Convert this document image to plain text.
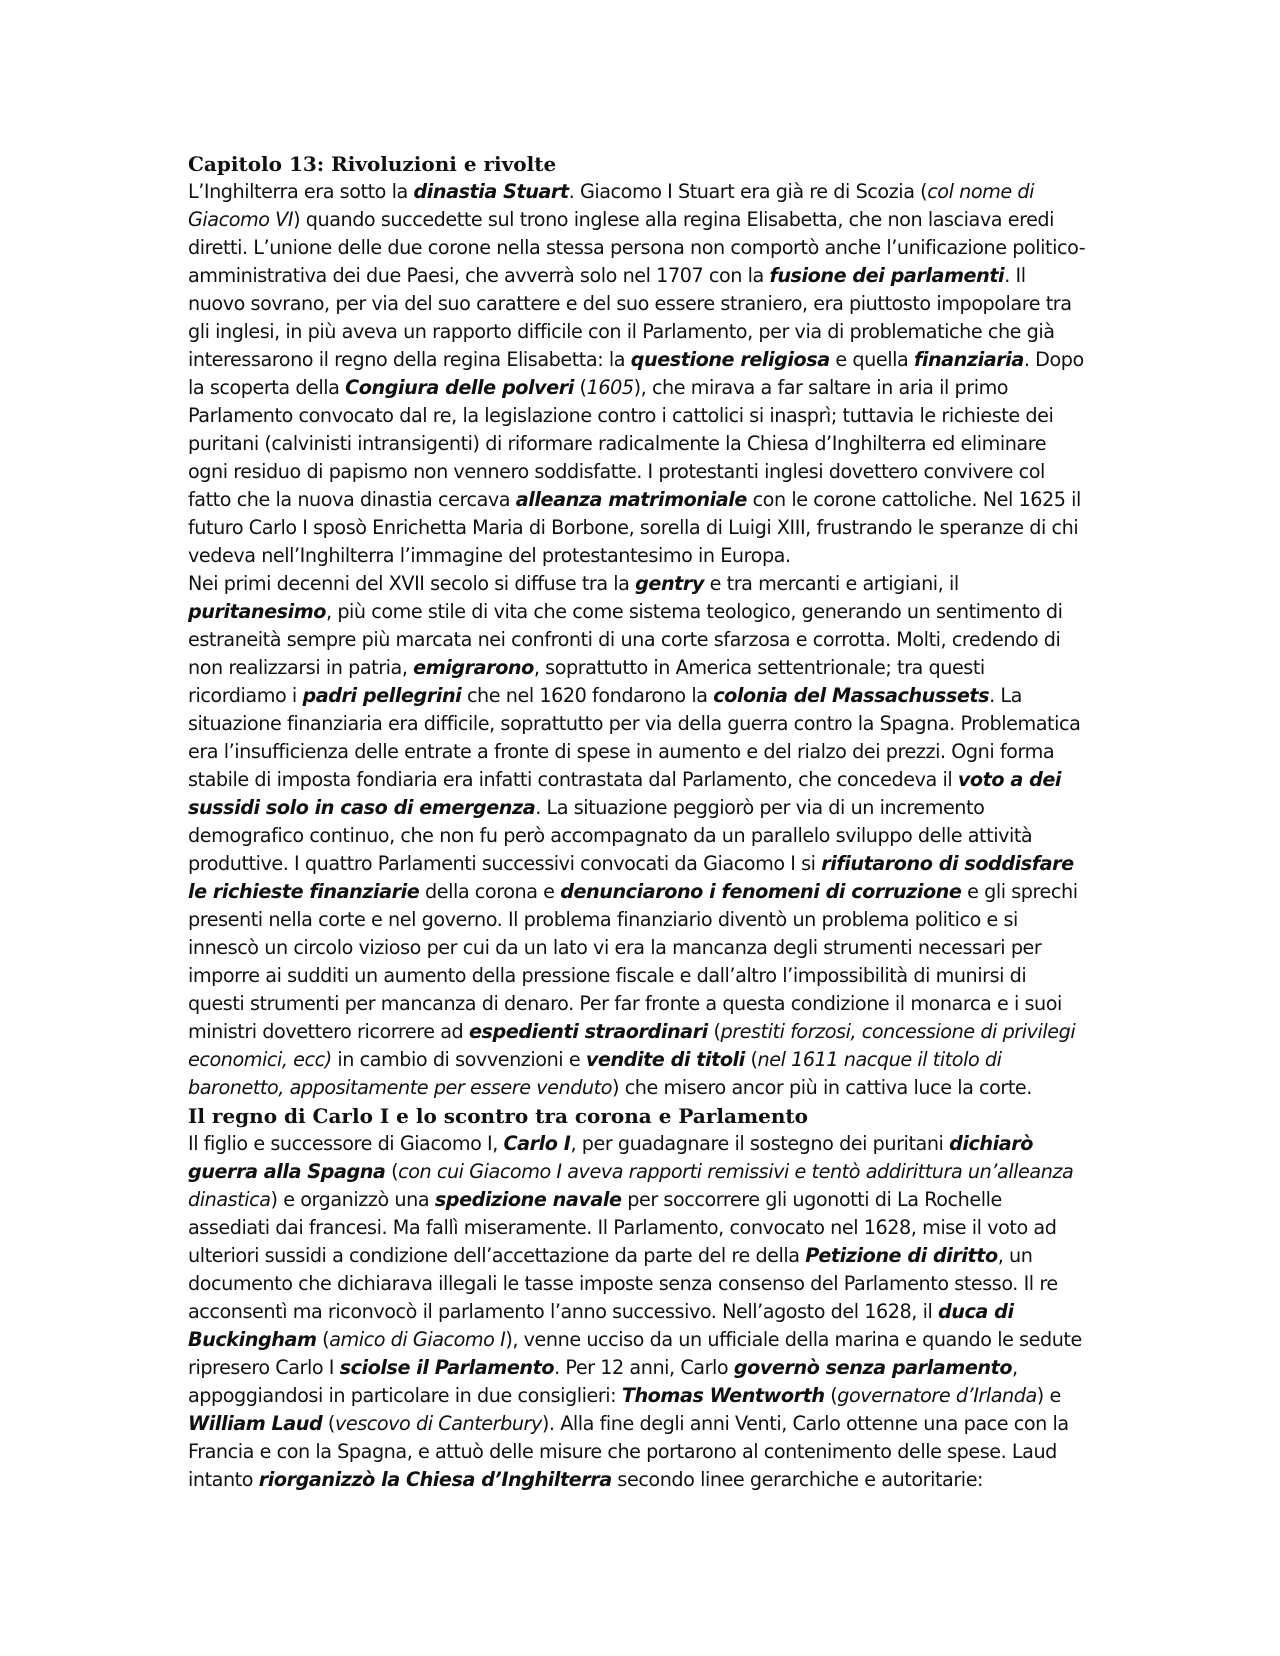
Capitolo 13: Rivoluzioni e rivolte

L’Inghilterra era sotto la dinastia Stuart. Giacomo I Stuart era già re di Scozia (col nome di Giacomo VI) quando succedette sul trono inglese alla regina Elisabetta, che non lasciava eredi diretti. L’unione delle due corone nella stessa persona non comportò anche l’unificazione politico-amministrativa dei due Paesi, che avverrà solo nel 1707 con la fusione dei parlamenti. Il nuovo sovrano, per via del suo carattere e del suo essere straniero, era piuttosto impopolare tra gli inglesi, in più aveva un rapporto difficile con il Parlamento, per via di problematiche che già interessarono il regno della regina Elisabetta: la questione religiosa e quella finanziaria. Dopo la scoperta della Congiura delle polveri (1605), che mirava a far saltare in aria il primo Parlamento convocato dal re, la legislazione contro i cattolici si inasprì; tuttavia le richieste dei puritani (calvinisti intransigenti) di riformare radicalmente la Chiesa d’Inghilterra ed eliminare ogni residuo di papismo non vennero soddisfatte. I protestanti inglesi dovettero convivere col fatto che la nuova dinastia cercava alleanza matrimoniale con le corone cattoliche. Nel 1625 il futuro Carlo I sposò Enrichetta Maria di Borbone, sorella di Luigi XIII, frustrando le speranze di chi vedeva nell’Inghilterra l’immagine del protestantesimo in Europa.

Nei primi decenni del XVII secolo si diffuse tra la gentry e tra mercanti e artigiani, il puritanesimo, più come stile di vita che come sistema teologico, generando un sentimento di estraneità sempre più marcata nei confronti di una corte sfarzosa e corrotta. Molti, credendo di non realizzarsi in patria, emigrarono, soprattutto in America settentrionale; tra questi ricordiamo i padri pellegrini che nel 1620 fondarono la colonia del Massachussets. La situazione finanziaria era difficile, soprattutto per via della guerra contro la Spagna. Problematica era l’insufficienza delle entrate a fronte di spese in aumento e del rialzo dei prezzi. Ogni forma stabile di imposta fondiaria era infatti contrastata dal Parlamento, che concedeva il voto a dei sussidi solo in caso di emergenza. La situazione peggiorò per via di un incremento demografico continuo, che non fu però accompagnato da un parallelo sviluppo delle attività produttive. I quattro Parlamenti successivi convocati da Giacomo I si rifiutarono di soddisfare le richieste finanziarie della corona e denunciarono i fenomeni di corruzione e gli sprechi presenti nella corte e nel governo. Il problema finanziario diventò un problema politico e si innescò un circolo vizioso per cui da un lato vi era la mancanza degli strumenti necessari per imporre ai sudditi un aumento della pressione fiscale e dall’altro l’impossibilità di munirsi di questi strumenti per mancanza di denaro. Per far fronte a questa condizione il monarca e i suoi ministri dovettero ricorrere ad espedienti straordinari (prestiti forzosi, concessione di privilegi economici, ecc) in cambio di sovvenzioni e vendite di titoli (nel 1611 nacque il titolo di baronetto, appositamente per essere venduto) che misero ancor più in cattiva luce la corte.

Il regno di Carlo I e lo scontro tra corona e Parlamento

Il figlio e successore di Giacomo I, Carlo I, per guadagnare il sostegno dei puritani dichiarò guerra alla Spagna (con cui Giacomo I aveva rapporti remissivi e tentò addirittura un’alleanza dinastica) e organizzò una spedizione navale per soccorrere gli ugonotti di La Rochelle assediati dai francesi. Ma fallì miseramente. Il Parlamento, convocato nel 1628, mise il voto ad ulteriori sussidi a condizione dell’accettazione da parte del re della Petizione di diritto, un documento che dichiarava illegali le tasse imposte senza consenso del Parlamento stesso. Il re acconsentì ma riconvocò il parlamento l’anno successivo. Nell’agosto del 1628, il duca di Buckingham (amico di Giacomo I), venne ucciso da un ufficiale della marina e quando le sedute ripresero Carlo I sciolse il Parlamento. Per 12 anni, Carlo governò senza parlamento, appoggiandosi in particolare in due consiglieri: Thomas Wentworth (governatore d’Irlanda) e William Laud (vescovo di Canterbury). Alla fine degli anni Venti, Carlo ottenne una pace con la Francia e con la Spagna, e attuò delle misure che portarono al contenimento delle spese. Laud intanto riorganizzò la Chiesa d’Inghilterra secondo linee gerarchiche e autoritarie:
